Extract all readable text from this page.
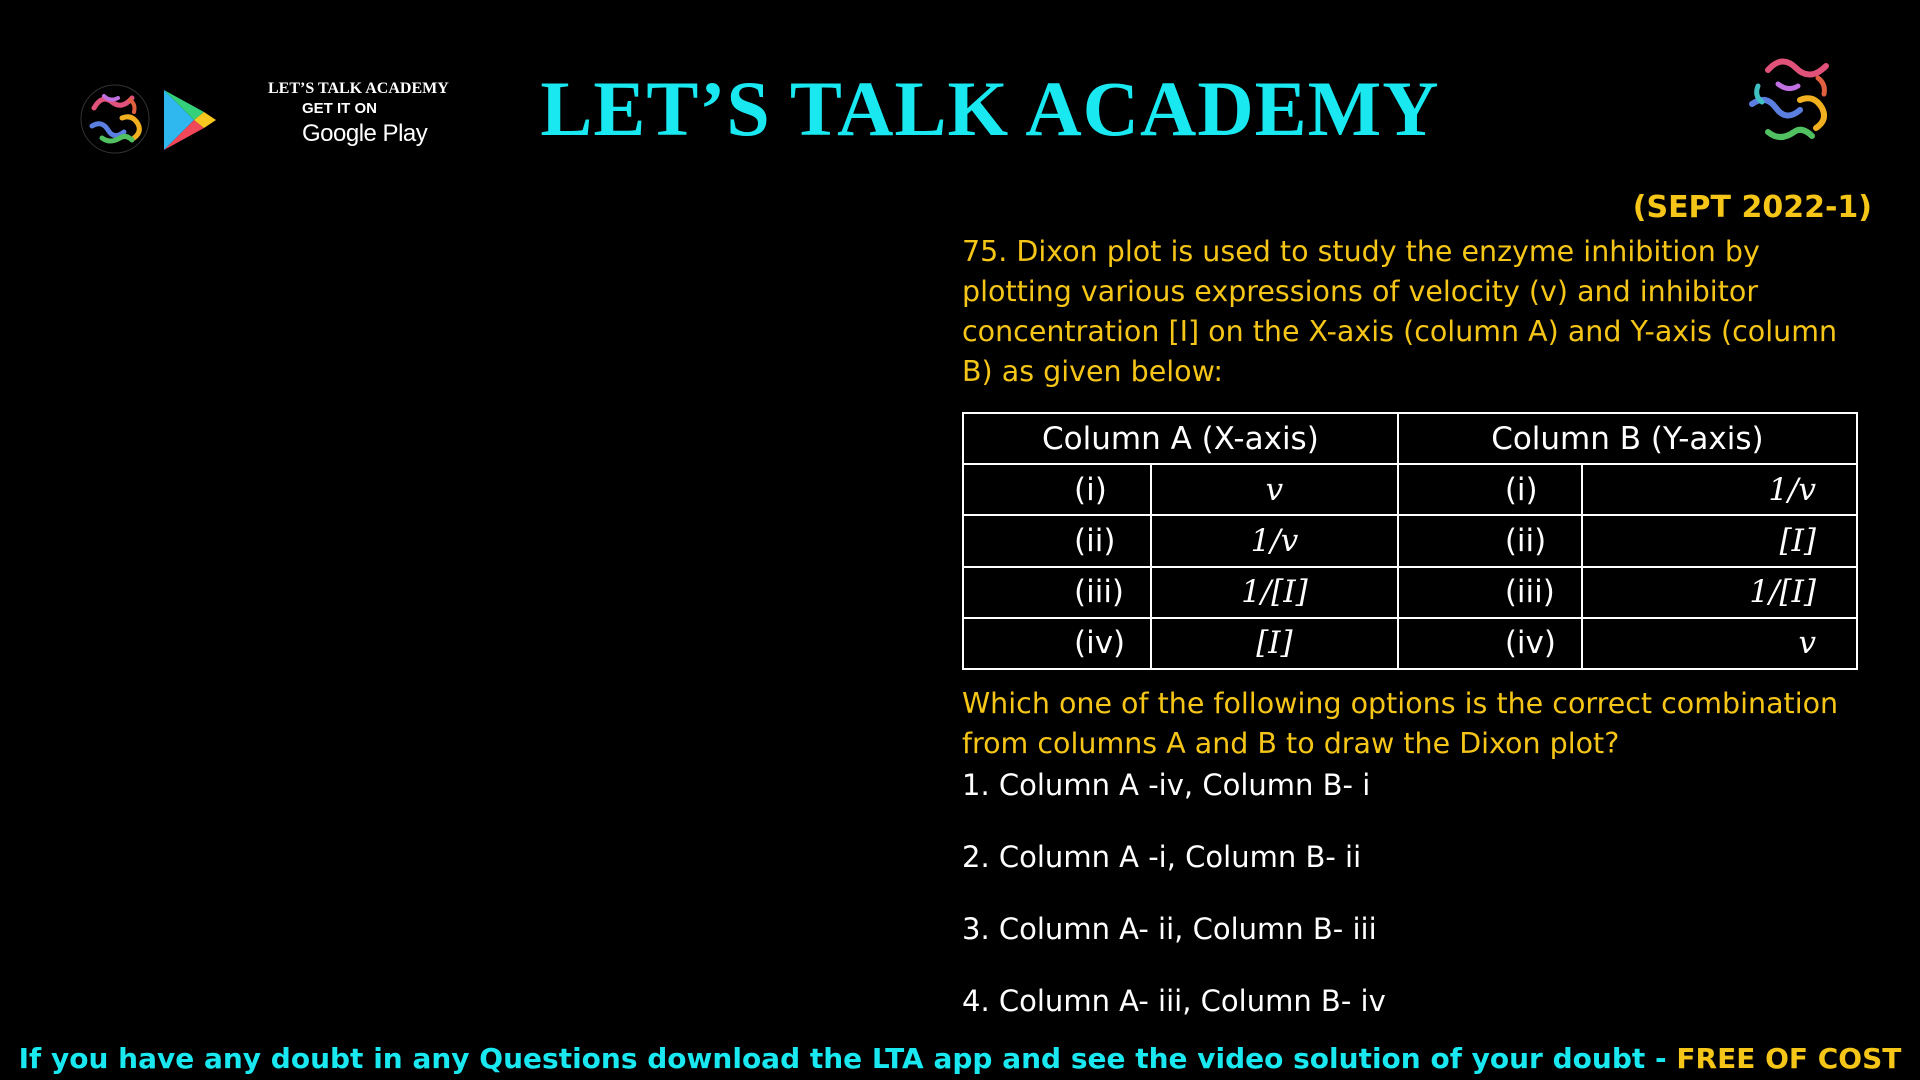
LET’S TALK ACADEMY
GET IT ON
Google Play	LET’S TALK ACADEMY
(SEPT 2022-1)
75. Dixon plot is used to study the enzyme inhibition by plotting various expressions of velocity (v) and inhibitor concentration [I] on the X-axis (column A) and Y-axis (column B) as given below:
Column A (X-axis)		Column B (Y-axis)	
(i)	v	(i)	1/v
(ii)	1/v	(ii)	[I]
(iii)	1/[I]	(iii)	1/[I]
(iv)	[I]	(iv)	v
Which one of the following options is the correct combination from columns A and B to draw the Dixon plot?
1. Column A -iv, Column B- i
2. Column A -i, Column B- ii
3. Column A- ii, Column B- iii
4. Column A- iii, Column B- iv
If you have any doubt in any Questions download the LTA app and see the video solution of your doubt - FREE OF COST
